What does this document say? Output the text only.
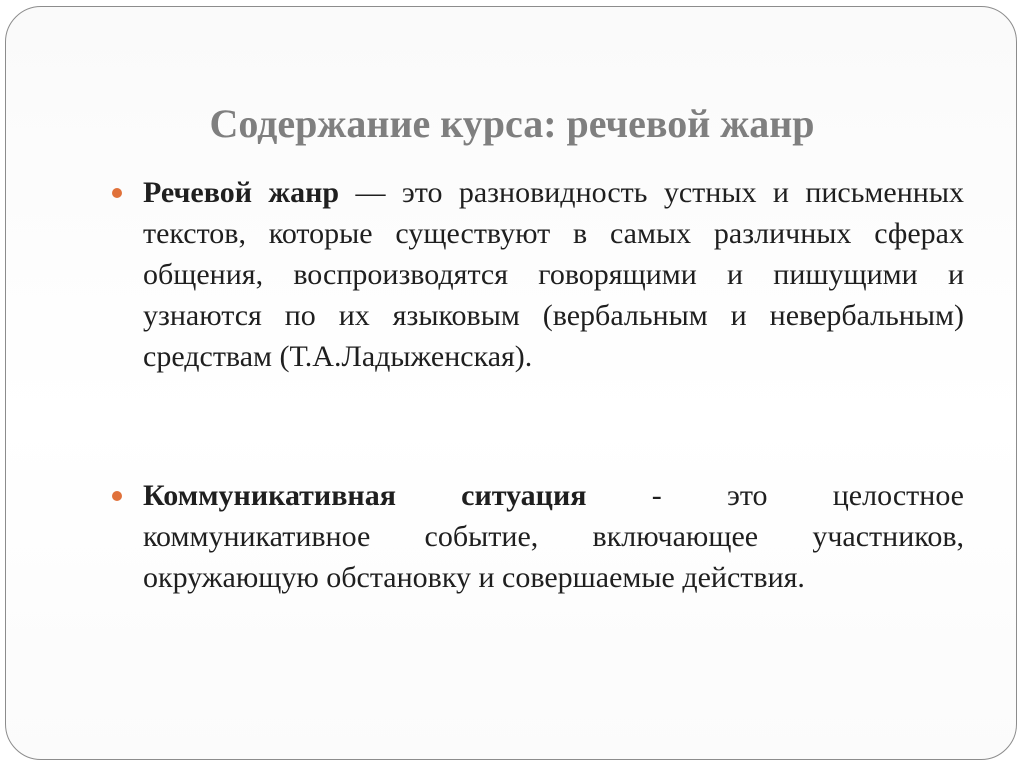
Содержание курса: речевой жанр
Речевой жанр — это разновидность устных и письменных текстов, которые существуют в самых различных сферах общения, воспроизводятся говорящими и пишущими и узнаются по их языковым (вербальным и невербальным) средствам (Т.А.Ладыженская).
Коммуникативная ситуация - это целостное коммуникативное событие, включающее участников, окружающую обстановку и совершаемые действия.
